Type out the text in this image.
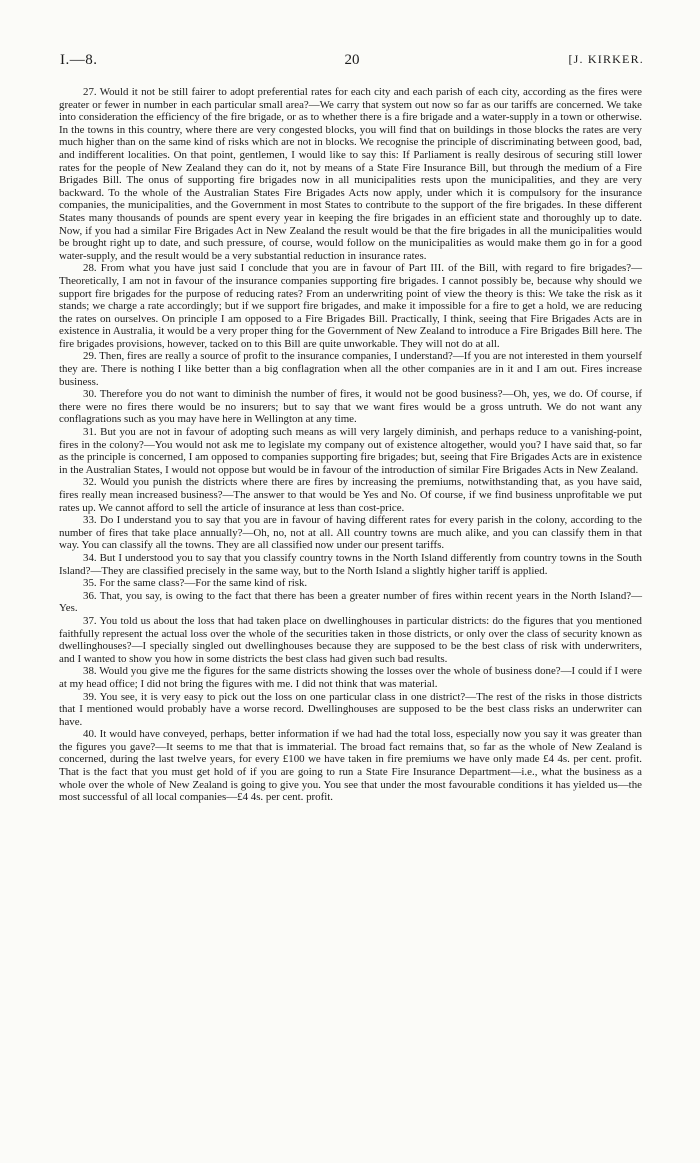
I.—8.	20	[J. KIRKER.

27. Would it not be still fairer to adopt preferential rates for each city and each parish of each city, according as the fires were greater or fewer in number in each particular small area?—We carry that system out now so far as our tariffs are concerned. We take into consideration the efficiency of the fire brigade, or as to whether there is a fire brigade and a water-supply in a town or otherwise. In the towns in this country, where there are very congested blocks, you will find that on buildings in those blocks the rates are very much higher than on the same kind of risks which are not in blocks. We recognise the principle of discriminating between good, bad, and indifferent localities. On that point, gentlemen, I would like to say this: If Parliament is really desirous of securing still lower rates for the people of New Zealand they can do it, not by means of a State Fire Insurance Bill, but through the medium of a Fire Brigades Bill. The onus of supporting fire brigades now in all municipalities rests upon the municipalities, and they are very backward. To the whole of the Australian States Fire Brigades Acts now apply, under which it is compulsory for the insurance companies, the municipalities, and the Government in most States to contribute to the support of the fire brigades. In these different States many thousands of pounds are spent every year in keeping the fire brigades in an efficient state and thoroughly up to date. Now, if you had a similar Fire Brigades Act in New Zealand the result would be that the fire brigades in all the municipalities would be brought right up to date, and such pressure, of course, would follow on the municipalities as would make them go in for a good water-supply, and the result would be a very substantial reduction in insurance rates.

28. From what you have just said I conclude that you are in favour of Part III. of the Bill, with regard to fire brigades?—Theoretically, I am not in favour of the insurance companies supporting fire brigades. I cannot possibly be, because why should we support fire brigades for the purpose of reducing rates? From an underwriting point of view the theory is this: We take the risk as it stands; we charge a rate accordingly; but if we support fire brigades, and make it impossible for a fire to get a hold, we are reducing the rates on ourselves. On principle I am opposed to a Fire Brigades Bill. Practically, I think, seeing that Fire Brigades Acts are in existence in Australia, it would be a very proper thing for the Government of New Zealand to introduce a Fire Brigades Bill here. The fire brigades provisions, however, tacked on to this Bill are quite unworkable. They will not do at all.

29. Then, fires are really a source of profit to the insurance companies, I understand?—If you are not interested in them yourself they are. There is nothing I like better than a big conflagration when all the other companies are in it and I am out. Fires increase business.

30. Therefore you do not want to diminish the number of fires, it would not be good business?—Oh, yes, we do. Of course, if there were no fires there would be no insurers; but to say that we want fires would be a gross untruth. We do not want any conflagrations such as you may have here in Wellington at any time.

31. But you are not in favour of adopting such means as will very largely diminish, and perhaps reduce to a vanishing-point, fires in the colony?—You would not ask me to legislate my company out of existence altogether, would you? I have said that, so far as the principle is concerned, I am opposed to companies supporting fire brigades; but, seeing that Fire Brigades Acts are in existence in the Australian States, I would not oppose but would be in favour of the introduction of similar Fire Brigades Acts in New Zealand.

32. Would you punish the districts where there are fires by increasing the premiums, notwithstanding that, as you have said, fires really mean increased business?—The answer to that would be Yes and No. Of course, if we find business unprofitable we put rates up. We cannot afford to sell the article of insurance at less than cost-price.

33. Do I understand you to say that you are in favour of having different rates for every parish in the colony, according to the number of fires that take place annually?—Oh, no, not at all. All country towns are much alike, and you can classify them in that way. You can classify all the towns. They are all classified now under our present tariffs.

34. But I understood you to say that you classify country towns in the North Island differently from country towns in the South Island?—They are classified precisely in the same way, but to the North Island a slightly higher tariff is applied.

35. For the same class?—For the same kind of risk.

36. That, you say, is owing to the fact that there has been a greater number of fires within recent years in the North Island?—Yes.

37. You told us about the loss that had taken place on dwellinghouses in particular districts: do the figures that you mentioned faithfully represent the actual loss over the whole of the securities taken in those districts, or only over the class of security known as dwellinghouses?—I specially singled out dwellinghouses because they are supposed to be the best class of risk with underwriters, and I wanted to show you how in some districts the best class had given such bad results.

38. Would you give me the figures for the same districts showing the losses over the whole of business done?—I could if I were at my head office; I did not bring the figures with me. I did not think that was material.

39. You see, it is very easy to pick out the loss on one particular class in one district?—The rest of the risks in those districts that I mentioned would probably have a worse record. Dwellinghouses are supposed to be the best class risks an underwriter can have.

40. It would have conveyed, perhaps, better information if we had had the total loss, especially now you say it was greater than the figures you gave?—It seems to me that that is immaterial. The broad fact remains that, so far as the whole of New Zealand is concerned, during the last twelve years, for every £100 we have taken in fire premiums we have only made £4 4s. per cent. profit. That is the fact that you must get hold of if you are going to run a State Fire Insurance Department—i.e., what the business as a whole over the whole of New Zealand is going to give you. You see that under the most favourable conditions it has yielded us—the most successful of all local companies—£4 4s. per cent. profit.
